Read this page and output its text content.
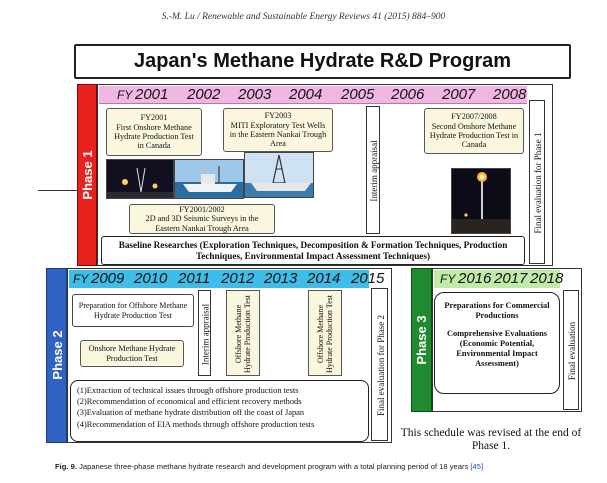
S.-M. Lu / Renewable and Sustainable Energy Reviews 41 (2015) 884–900
Japan's Methane Hydrate R&D Program
Phase 1
FY 2001 2002 2003 2004 2005 2006 2007 2008
FY2001
First Onshore Methane Hydrate Production Test in Canada
FY2003
MITI Exploratory Test Wells in the Eastern Nankai Trough Area
FY2007/2008
Second Onshore Methane Hydrate Production Test in Canada
FY2001/2002
2D and 3D Seismic Surveys in the Eastern Nankai Trough Area
Interim appraisal	Final evaluation for Phase 1
Baseline Researches (Exploration Techniques, Decomposition & Formation Techniques, Production Techniques, Environmental Impact Assessment Techniques)
Phase 2
FY 2009 2010 2011 2012 2013 2014 2015
Preparation for Offshore Methane Hydrate Production Test
Onshore Methane Hydrate Production Test	Interim appraisal	Offshore Methane Hydrate Production Test	Offshore Methane Hydrate Production Test	Final evaluation for Phase 2
(1)Extraction of technical issues through offshore production tests
(2)Recommendation of economical and efficient recovery methods
(3)Evaluation of methane hydrate distribution off the coast of Japan
(4)Recommendation of EIA methods through offshore production tests
Phase 3
FY 2016 2017 2018
Preparations for Commercial Productions
Comprehensive Evaluations (Economic Potential, Environmental Impact Assessment)	Final evaluation
This schedule was revised at the end of Phase 1.
Fig. 9. Japanese three-phase methane hydrate research and development program with a total planning period of 18 years [45]
